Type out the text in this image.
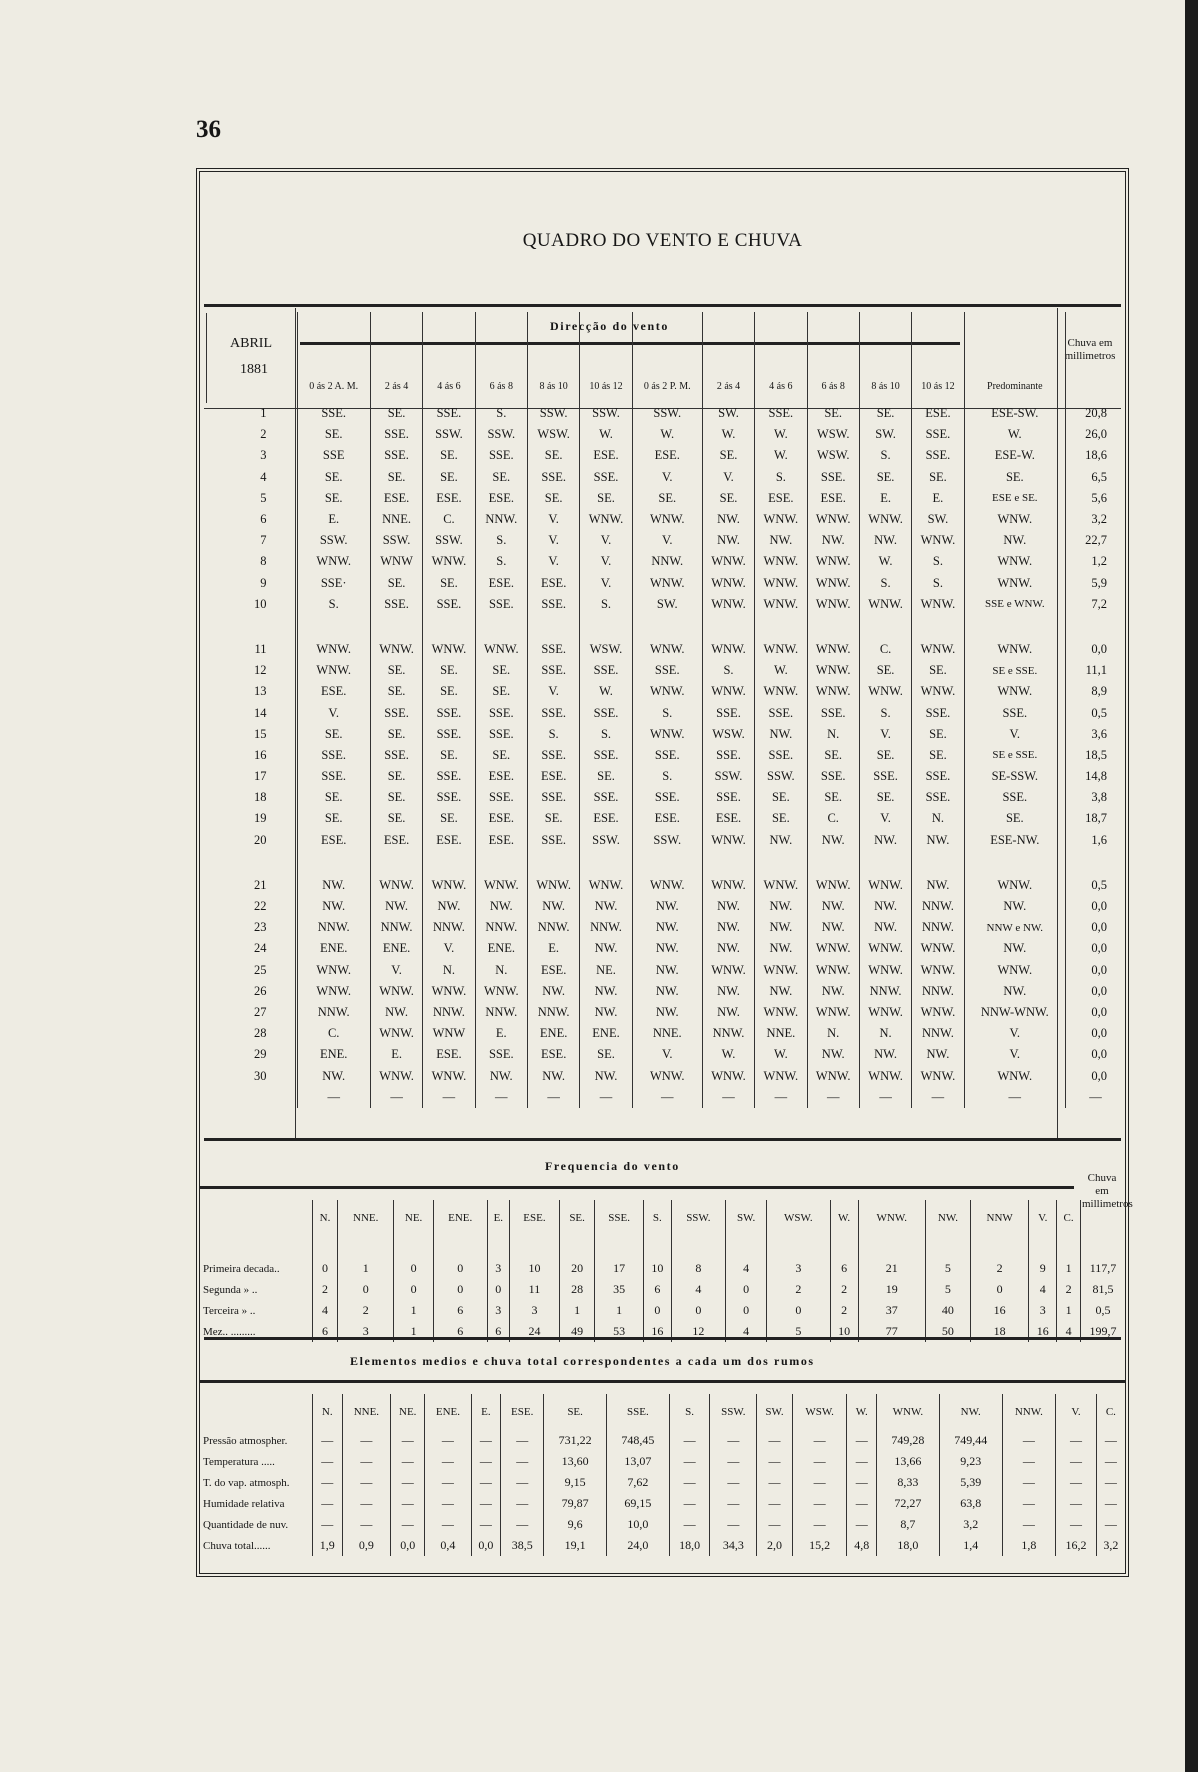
36
QUADRO DO VENTO E CHUVA
ABRIL
1881
Direcção do vento
Chuva em millimetros

	0 ás 2 A. M.	2 ás 4	4 ás 6	6 ás 8	8 ás 10	10 ás 12	0 ás 2 P. M.	2 ás 4	4 ás 6	6 ás 8	8 ás 10	10 ás 12	Predominante	
1	SSE.	SE.	SSE.	S.	SSW.	SSW.	SSW.	SW.	SSE.	SE.	SE.	ESE.	ESE-SW.	20,8
2	SE.	SSE.	SSW.	SSW.	WSW.	W.	W.	W.	W.	WSW.	SW.	SSE.	W.	26,0
3	SSE	SSE.	SE.	SSE.	SE.	ESE.	ESE.	SE.	W.	WSW.	S.	SSE.	ESE-W.	18,6
4	SE.	SE.	SE.	SE.	SSE.	SSE.	V.	V.	S.	SSE.	SE.	SE.	SE.	6,5
5	SE.	ESE.	ESE.	ESE.	SE.	SE.	SE.	SE.	ESE.	ESE.	E.	E.	ESE e SE.	5,6
6	E.	NNE.	C.	NNW.	V.	WNW.	WNW.	NW.	WNW.	WNW.	WNW.	SW.	WNW.	3,2
7	SSW.	SSW.	SSW.	S.	V.	V.	V.	NW.	NW.	NW.	NW.	WNW.	NW.	22,7
8	WNW.	WNW	WNW.	S.	V.	V.	NNW.	WNW.	WNW.	WNW.	W.	S.	WNW.	1,2
9	SSE·	SE.	SE.	ESE.	ESE.	V.	WNW.	WNW.	WNW.	WNW.	S.	S.	WNW.	5,9
10	S.	SSE.	SSE.	SSE.	SSE.	S.	SW.	WNW.	WNW.	WNW.	WNW.	WNW.	SSE e WNW.	7,2

11	WNW.	WNW.	WNW.	WNW.	SSE.	WSW.	WNW.	WNW.	WNW.	WNW.	C.	WNW.	WNW.	0,0
12	WNW.	SE.	SE.	SE.	SSE.	SSE.	SSE.	S.	W.	WNW.	SE.	SE.	SE e SSE.	11,1
13	ESE.	SE.	SE.	SE.	V.	W.	WNW.	WNW.	WNW.	WNW.	WNW.	WNW.	WNW.	8,9
14	V.	SSE.	SSE.	SSE.	SSE.	SSE.	S.	SSE.	SSE.	SSE.	S.	SSE.	SSE.	0,5
15	SE.	SE.	SSE.	SSE.	S.	S.	WNW.	WSW.	NW.	N.	V.	SE.	V.	3,6
16	SSE.	SSE.	SE.	SE.	SSE.	SSE.	SSE.	SSE.	SSE.	SE.	SE.	SE.	SE e SSE.	18,5
17	SSE.	SE.	SSE.	ESE.	ESE.	SE.	S.	SSW.	SSW.	SSE.	SSE.	SSE.	SE-SSW.	14,8
18	SE.	SE.	SSE.	SSE.	SSE.	SSE.	SSE.	SSE.	SE.	SE.	SE.	SSE.	SSE.	3,8
19	SE.	SE.	SE.	ESE.	SE.	ESE.	ESE.	ESE.	SE.	C.	V.	N.	SE.	18,7
20	ESE.	ESE.	ESE.	ESE.	SSE.	SSW.	SSW.	WNW.	NW.	NW.	NW.	NW.	ESE-NW.	1,6

21	NW.	WNW.	WNW.	WNW.	WNW.	WNW.	WNW.	WNW.	WNW.	WNW.	WNW.	NW.	WNW.	0,5
22	NW.	NW.	NW.	NW.	NW.	NW.	NW.	NW.	NW.	NW.	NW.	NNW.	NW.	0,0
23	NNW.	NNW.	NNW.	NNW.	NNW.	NNW.	NW.	NW.	NW.	NW.	NW.	NNW.	NNW e NW.	0,0
24	ENE.	ENE.	V.	ENE.	E.	NW.	NW.	NW.	NW.	WNW.	WNW.	WNW.	NW.	0,0
25	WNW.	V.	N.	N.	ESE.	NE.	NW.	WNW.	WNW.	WNW.	WNW.	WNW.	WNW.	0,0
26	WNW.	WNW.	WNW.	WNW.	NW.	NW.	NW.	NW.	NW.	NW.	NNW.	NNW.	NW.	0,0
27	NNW.	NW.	NNW.	NNW.	NNW.	NW.	NW.	NW.	WNW.	WNW.	WNW.	WNW.	NNW-WNW.	0,0
28	C.	WNW.	WNW	E.	ENE.	ENE.	NNE.	NNW.	NNE.	N.	N.	NNW.	V.	0,0
29	ENE.	E.	ESE.	SSE.	ESE.	SE.	V.	W.	W.	NW.	NW.	NW.	V.	0,0
30	NW.	WNW.	WNW.	NW.	NW.	NW.	WNW.	WNW.	WNW.	WNW.	WNW.	WNW.	WNW.	0,0
	—	—	—	—	—	—	—	—	—	—	—	—	—	—
Frequencia do vento
Chuva em millimetros
	N.	NNE.	NE.	ENE.	E.	ESE.	SE.	SSE.	S.	SSW.	SW.	WSW.	W.	WNW.	NW.	NNW	V.	C.	
Primeira decada..	0	1	0	0	3	10	20	17	10	8	4	3	6	21	5	2	9	1	117,7
Segunda » ..	2	0	0	0	0	11	28	35	6	4	0	2	2	19	5	0	4	2	81,5
Terceira » ..	4	2	1	6	3	3	1	1	0	0	0	0	2	37	40	16	3	1	0,5
Mez.. .........	6	3	1	6	6	24	49	53	16	12	4	5	10	77	50	18	16	4	199,7
Elementos medios e chuva total correspondentes a cada um dos rumos
	N.	NNE.	NE.	ENE.	E.	ESE.	SE.	SSE.	S.	SSW.	SW.	WSW.	W.	WNW.	NW.	NNW.	V.	C.
Pressão atmospher.	—	—	—	—	—	—	731,22	748,45	—	—	—	—	—	749,28	749,44	—	—	—
Temperatura .....	—	—	—	—	—	—	13,60	13,07	—	—	—	—	—	13,66	9,23	—	—	—
T. do vap. atmosph.	—	—	—	—	—	—	9,15	7,62	—	—	—	—	—	8,33	5,39	—	—	—
Humidade relativa	—	—	—	—	—	—	79,87	69,15	—	—	—	—	—	72,27	63,8	—	—	—
Quantidade de nuv.	—	—	—	—	—	—	9,6	10,0	—	—	—	—	—	8,7	3,2	—	—	—
Chuva total......	1,9	0,9	0,0	0,4	0,0	38,5	19,1	24,0	18,0	34,3	2,0	15,2	4,8	18,0	1,4	1,8	16,2	3,2
